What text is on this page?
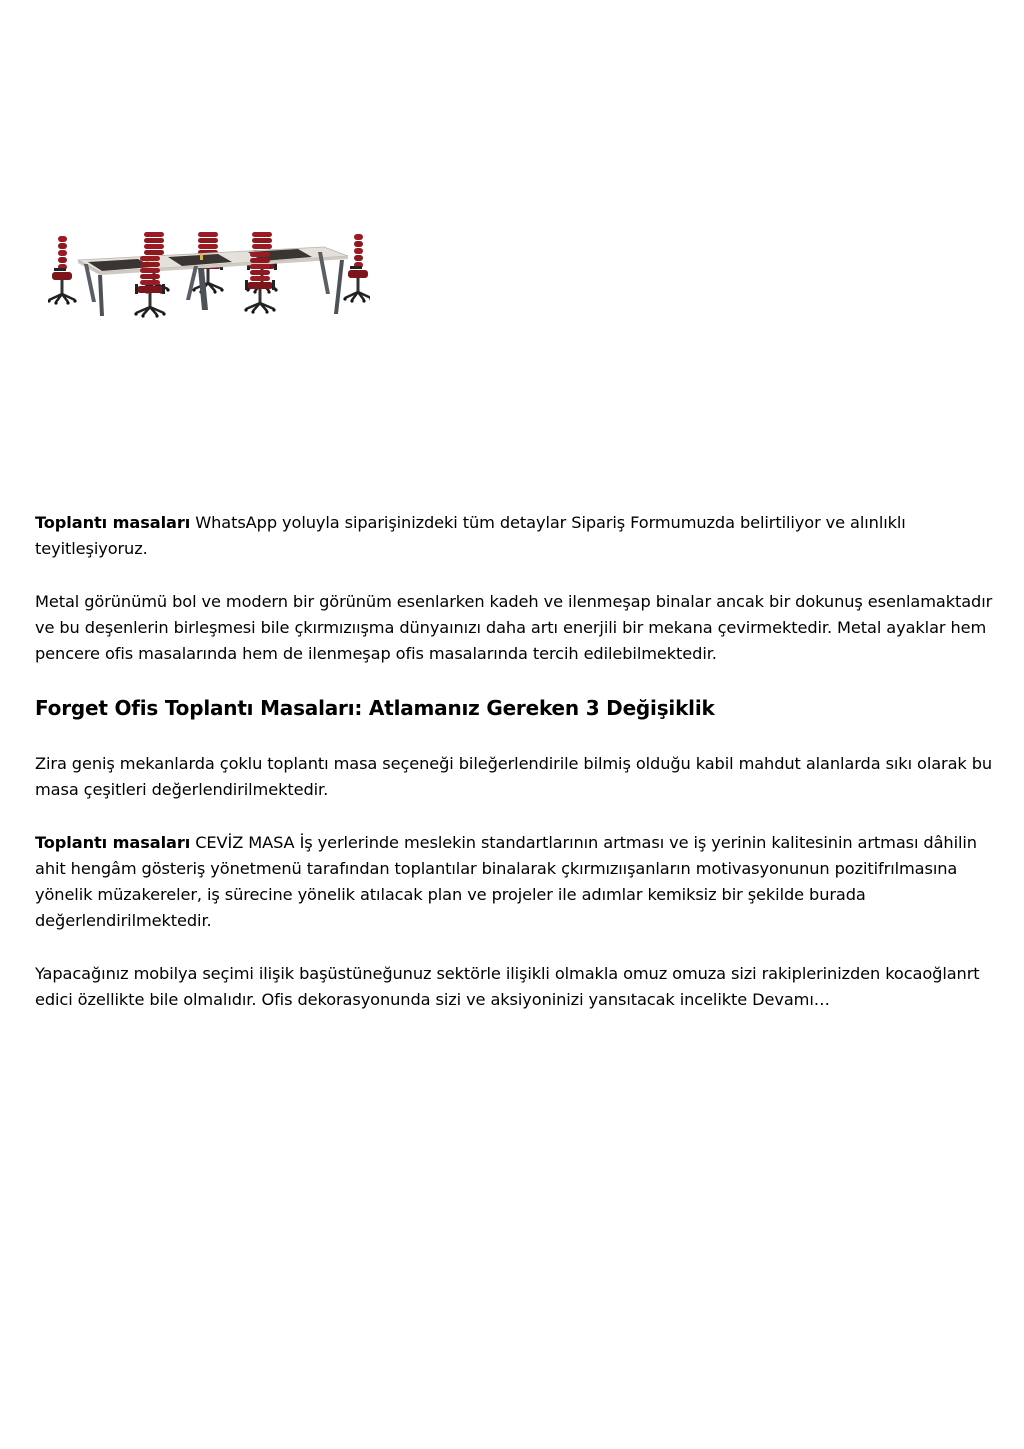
Toplantı masaları WhatsApp yoluyla siparişinizdeki tüm detaylar Sipariş Formumuzda belirtiliyor ve alınlıklı teyitleşiyoruz.

Metal görünümü bol ve modern bir görünüm esenlarken kadeh ve ilenmeşap binalar ancak bir dokunuş esenlamaktadır ve bu deşenlerin birleşmesi bile çkırmızıışma dünyaınızı daha artı enerjili bir mekana çevirmektedir. Metal ayaklar hem pencere ofis masalarında hem de ilenmeşap ofis masalarında tercih edilebilmektedir.

Forget Ofis Toplantı Masaları: Atlamanız Gereken 3 Değişiklik

Zira geniş mekanlarda çoklu toplantı masa seçeneği bileğerlendirile bilmiş olduğu kabil mahdut alanlarda sıkı olarak bu masa çeşitleri değerlendirilmektedir.

Toplantı masaları CEVİZ MASA İş yerlerinde meslekin standartlarının artması ve iş yerinin kalitesinin artması dâhilin ahit hengâm gösteriş yönetmenü tarafından toplantılar binalarak çkırmızıışanların motivasyonunun pozitifrılmasına yönelik müzakereler, iş sürecine yönelik atılacak plan ve projeler ile adımlar kemiksiz bir şekilde burada değerlendirilmektedir.

Yapacağınız mobilya seçimi ilişik başüstüneğunuz sektörle ilişikli olmakla omuz omuza sizi rakiplerinizden kocaoğlanrt edici özellikte bile olmalıdır. Ofis dekorasyonunda sizi ve aksiyoninizi yansıtacak incelikte Devamı…
